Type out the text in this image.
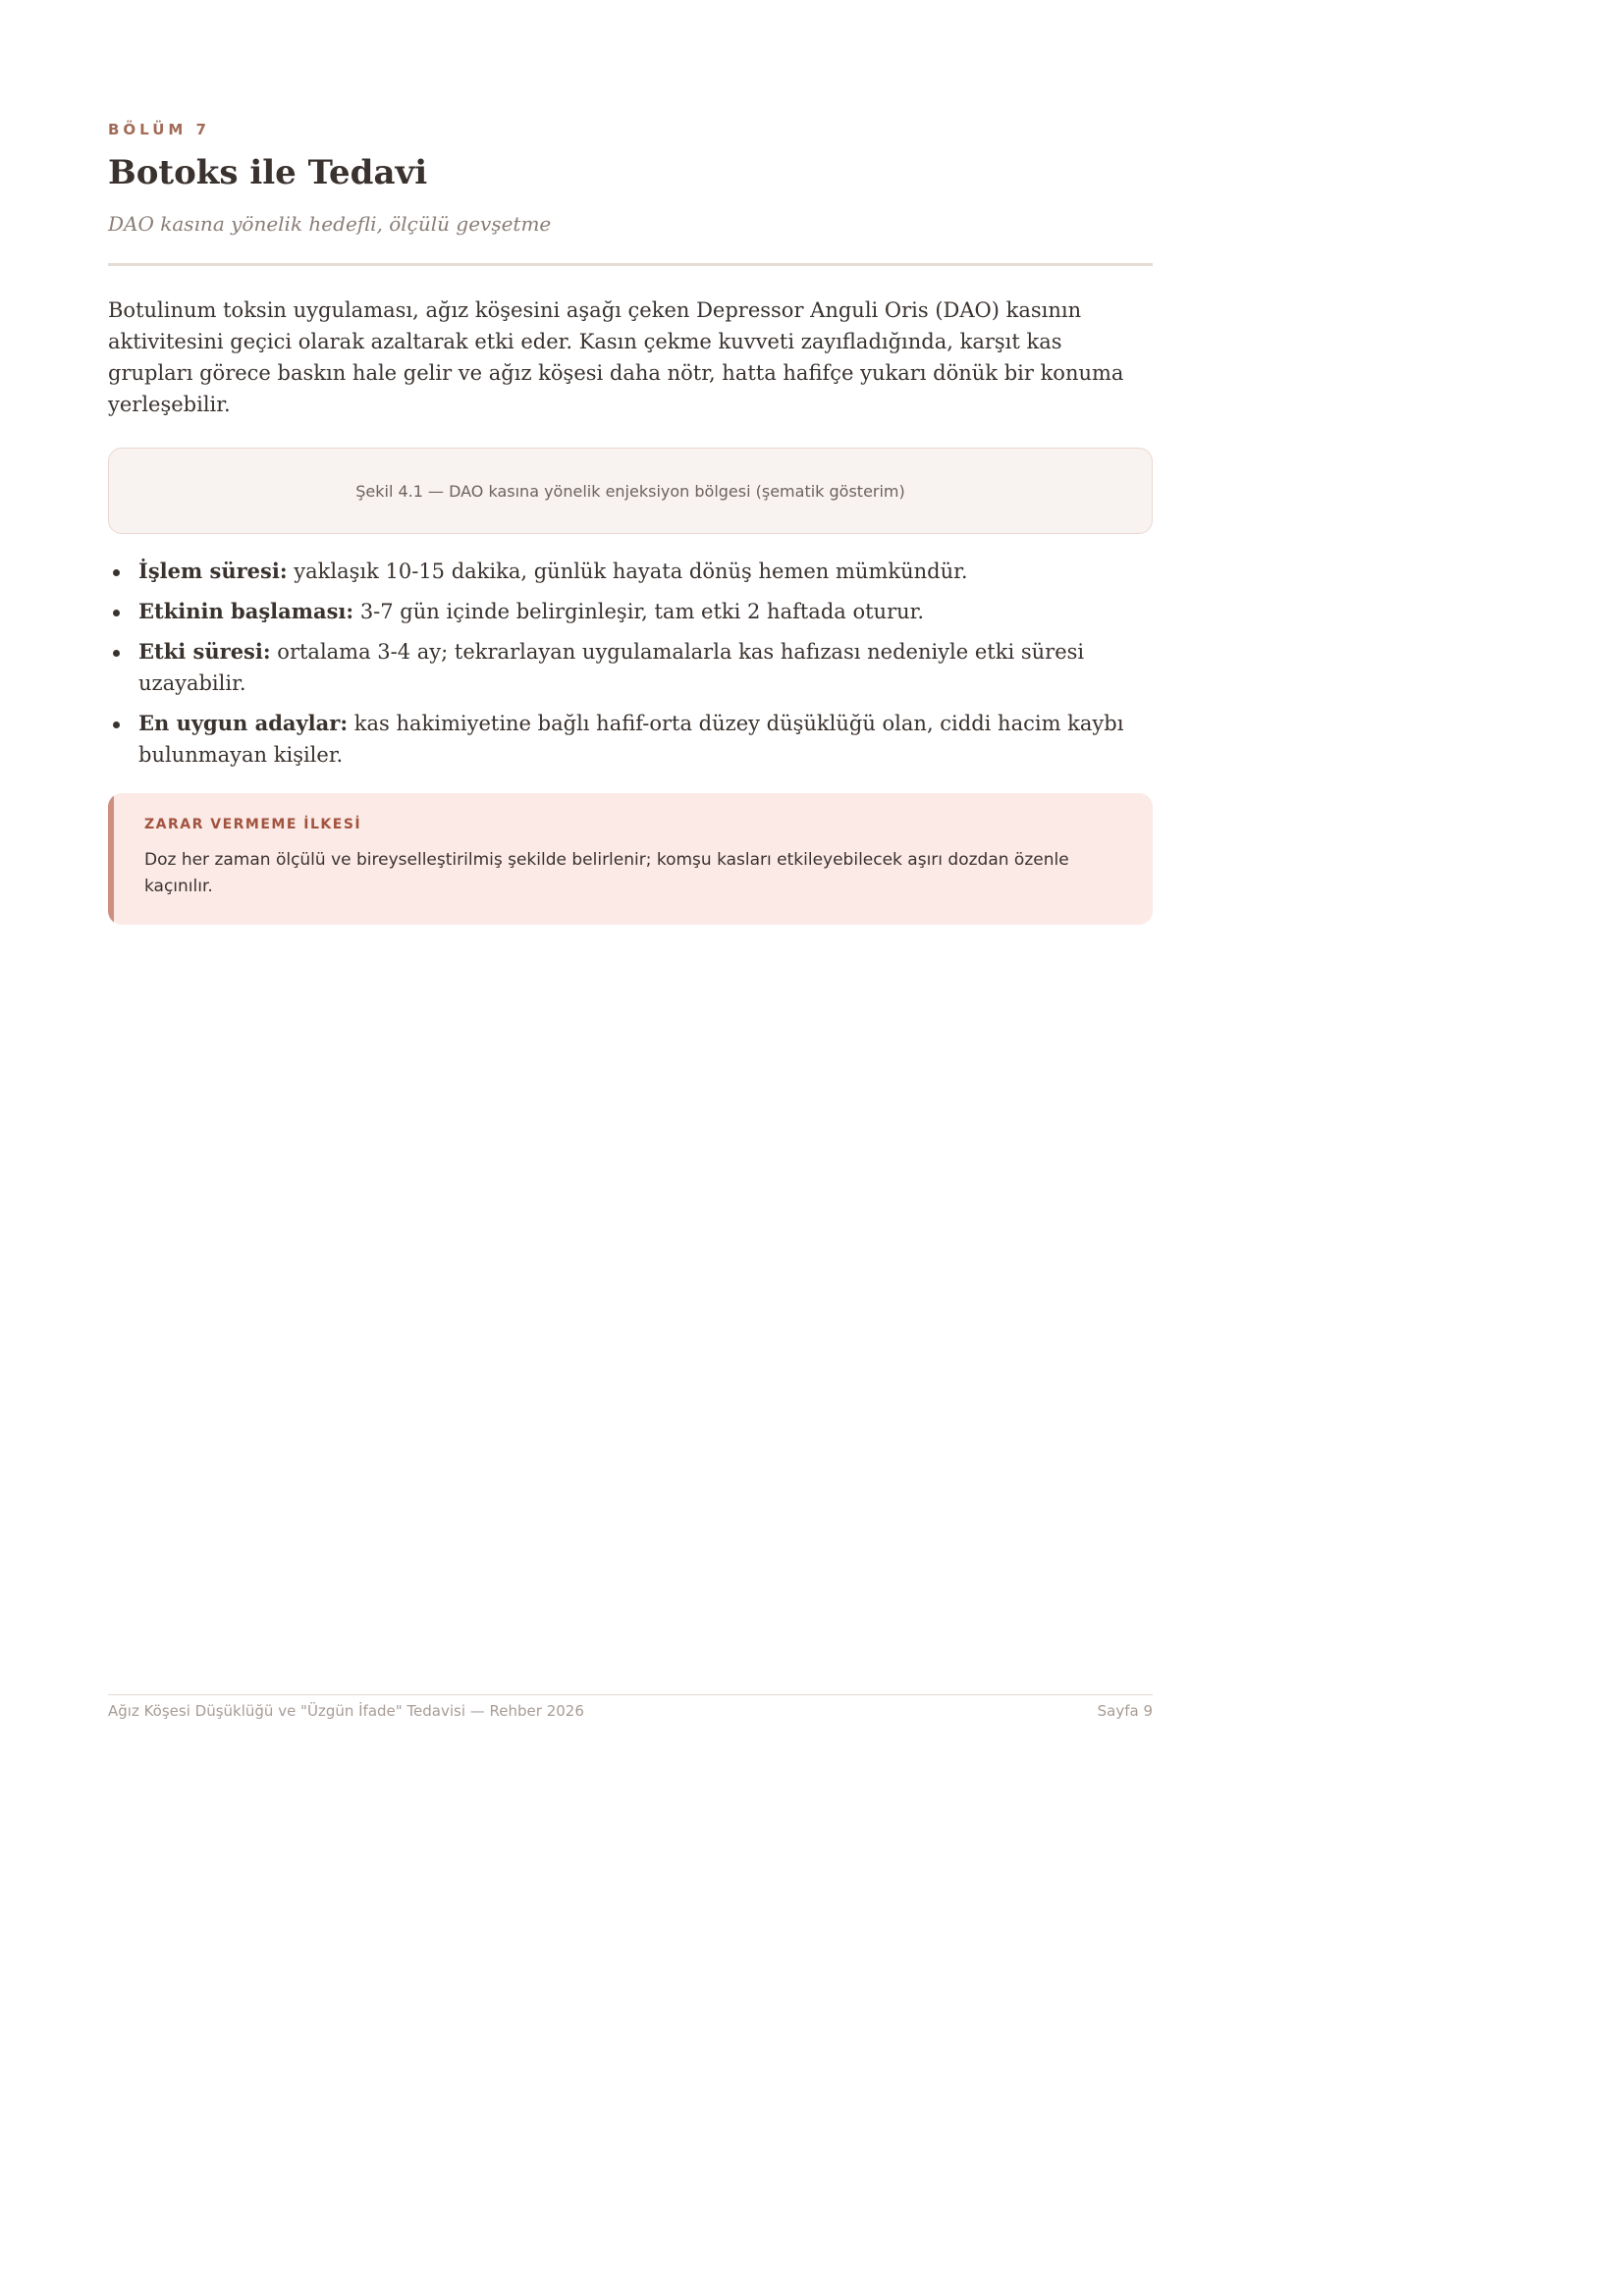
BÖLÜM 7
Botoks ile Tedavi
DAO kasına yönelik hedefli, ölçülü gevşetme

Botulinum toksin uygulaması, ağız köşesini aşağı çeken Depressor Anguli Oris (DAO) kasının aktivitesini geçici olarak azaltarak etki eder. Kasın çekme kuvveti zayıfladığında, karşıt kas grupları görece baskın hale gelir ve ağız köşesi daha nötr, hatta hafifçe yukarı dönük bir konuma yerleşebilir.

Şekil 4.1 — DAO kasına yönelik enjeksiyon bölgesi (şematik gösterim)
İşlem süresi: yaklaşık 10-15 dakika, günlük hayata dönüş hemen mümkündür.
Etkinin başlaması: 3-7 gün içinde belirginleşir, tam etki 2 haftada oturur.
Etki süresi: ortalama 3-4 ay; tekrarlayan uygulamalarla kas hafızası nedeniyle etki süresi uzayabilir.
En uygun adaylar: kas hakimiyetine bağlı hafif-orta düzey düşüklüğü olan, ciddi hacim kaybı bulunmayan kişiler.
ZARAR VERMEME İLKESİ
Doz her zaman ölçülü ve bireyselleştirilmiş şekilde belirlenir; komşu kasları etkileyebilecek aşırı dozdan özenle kaçınılır.
Ağız Köşesi Düşüklüğü ve "Üzgün İfade" Tedavisi — Rehber 2026	Sayfa 9
